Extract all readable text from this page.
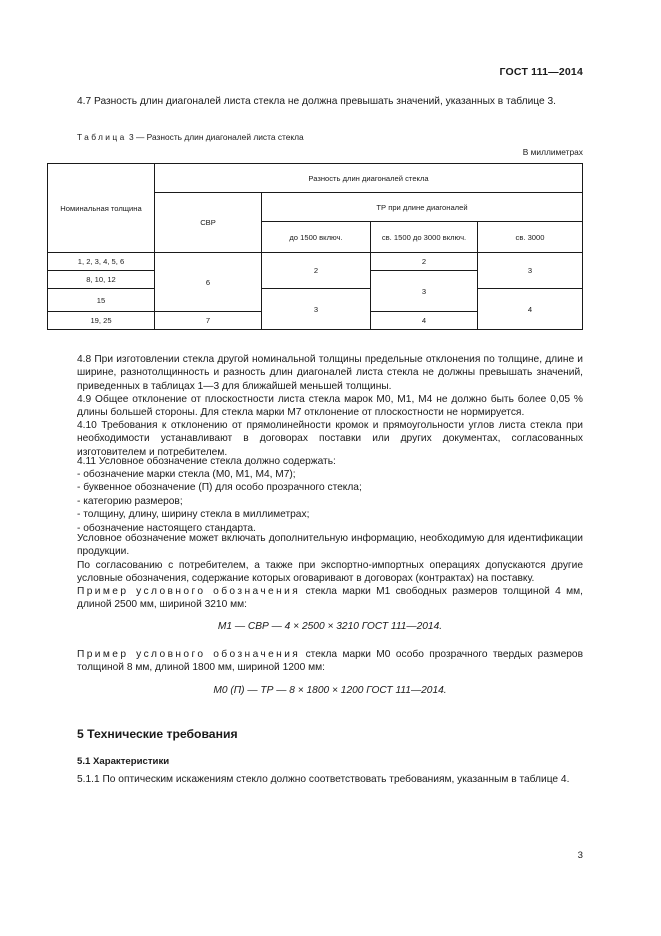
ГОСТ 111—2014
4.7 Разность длин диагоналей листа стекла не должна превышать значений, указанных в таблице 3.
Таблица 3 — Разность длин диагоналей листа стекла
В миллиметрах
Номинальная толщина	Разность длин диагоналей стекла			
	СВР	ТР при длине диагоналей		
		до 1500 включ.	св. 1500 до 3000 включ.	св. 3000
1, 2, 3, 4, 5, 6	6	2	2	3
8, 10, 12			3	
15		3		4
19, 25	7		4	
4.8 При изготовлении стекла другой номинальной толщины предельные отклонения по толщине, длине и ширине, разнотолщинность и разность длин диагоналей листа стекла не должны превышать значений, приведенных в таблицах 1—3 для ближайшей меньшей толщины.
4.9 Общее отклонение от плоскостности листа стекла марок М0, М1, М4 не должно быть более 0,05 % длины большей стороны. Для стекла марки М7 отклонение от плоскостности не нормируется.
4.10 Требования к отклонению от прямолинейности кромок и прямоугольности углов листа стекла при необходимости устанавливают в договорах поставки или других документах, согласованных изготовителем и потребителем.
4.11 Условное обозначение стекла должно содержать:
- обозначение марки стекла (М0, М1, М4, М7);
- буквенное обозначение (П) для особо прозрачного стекла;
- категорию размеров;
- толщину, длину, ширину стекла в миллиметрах;
- обозначение настоящего стандарта.
Условное обозначение может включать дополнительную информацию, необходимую для идентификации продукции.
По согласованию с потребителем, а также при экспортно-импортных операциях допускаются другие условные обозначения, содержание которых оговаривают в договорах (контрактах) на поставку.
Пример условного обозначения стекла марки М1 свободных размеров толщиной 4 мм, длиной 2500 мм, шириной 3210 мм:
М1 — СВР — 4 × 2500 × 3210 ГОСТ 111—2014.
Пример условного обозначения стекла марки М0 особо прозрачного твердых размеров толщиной 8 мм, длиной 1800 мм, шириной 1200 мм:
М0 (П) — ТР — 8 × 1800 × 1200 ГОСТ 111—2014.
5 Технические требования
5.1 Характеристики
5.1.1 По оптическим искажениям стекло должно соответствовать требованиям, указанным в таблице 4.
3
